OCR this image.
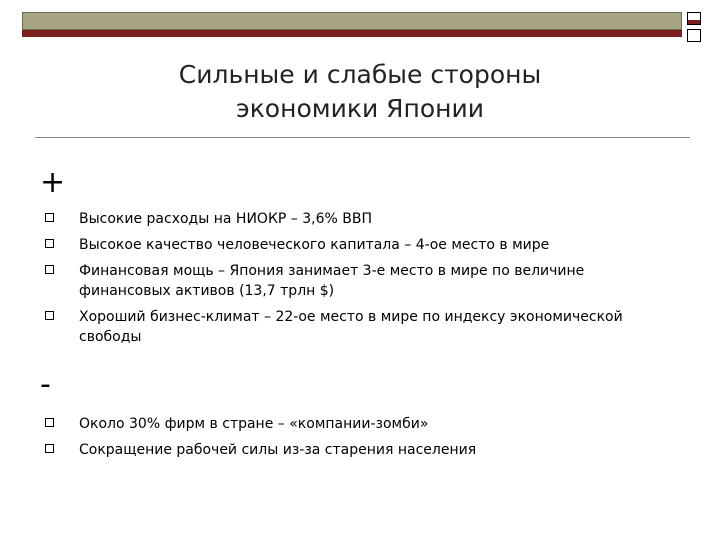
Сильные и слабые стороны
экономики Японии
+
Высокие расходы на НИОКР – 3,6% ВВП
Высокое качество человеческого капитала – 4-ое место в мире
Финансовая мощь – Япония занимает 3-е место в мире по величине финансовых активов (13,7 трлн $)
Хороший бизнес-климат – 22-ое место в мире по индексу экономической свободы
-
Около 30% фирм в стране – «компании-зомби»
Сокращение рабочей силы из-за старения населения
